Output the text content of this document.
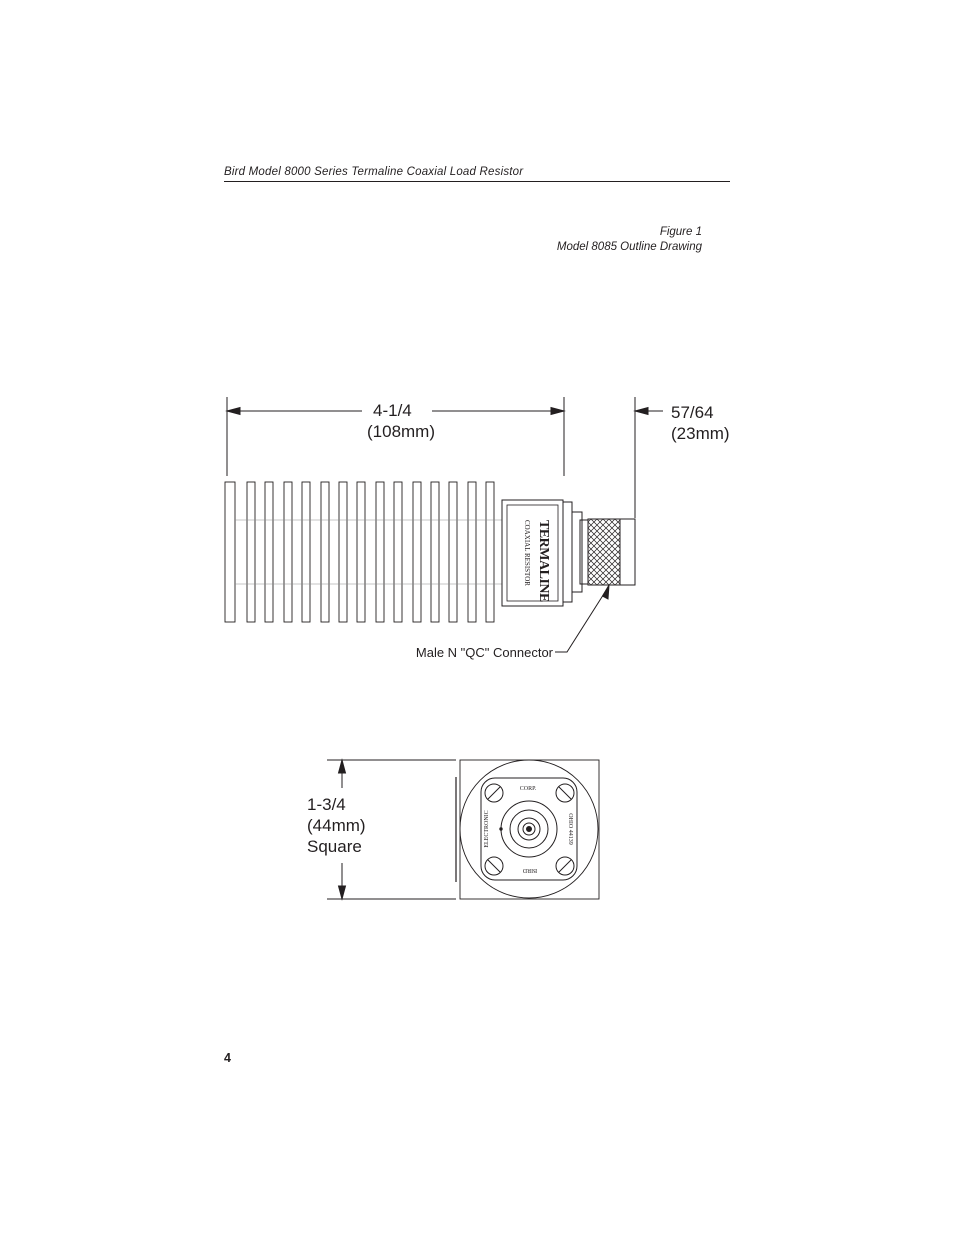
Bird Model 8000 Series Termaline Coaxial Load Resistor
Figure 1
Model 8085 Outline Drawing
4-1/4
(108mm)
57/64
(23mm)
TERMALINE
COAXIAL RESISTOR
Male N "QC" Connector
CORP.
ELECTRONIC	OHIO 44139
BIRD
1-3/4
(44mm)
Square
4
